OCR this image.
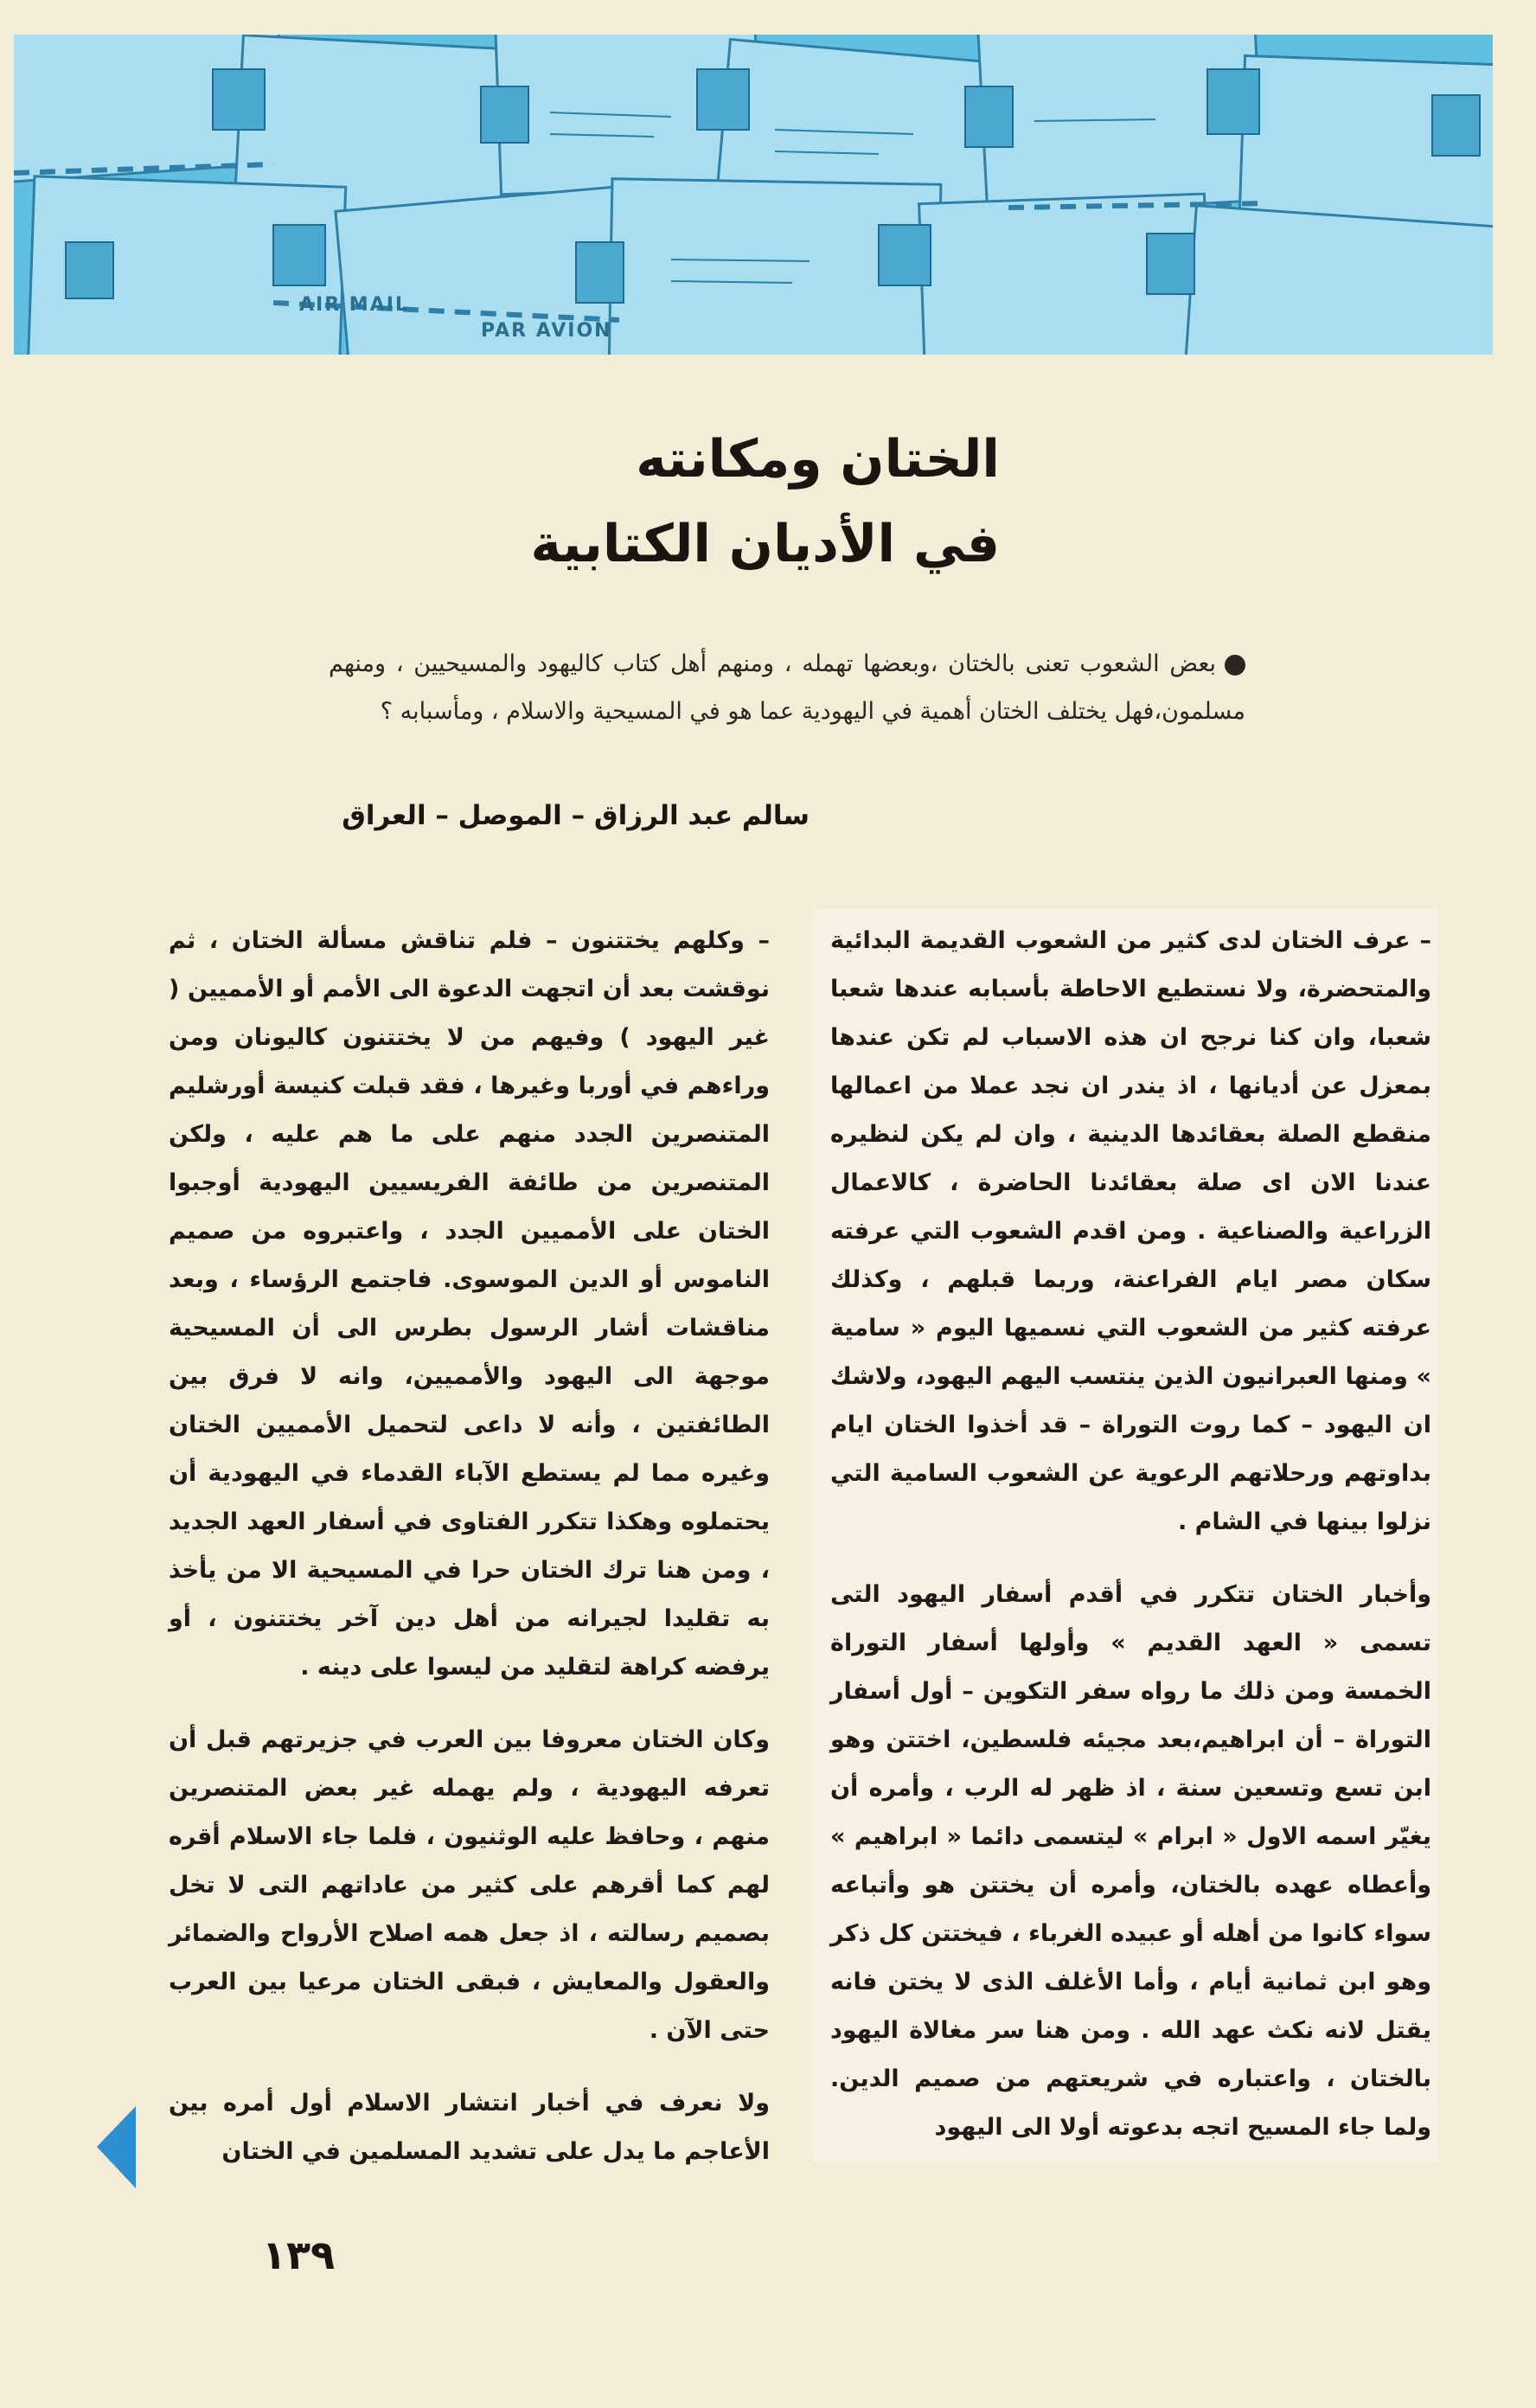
AIR MAIL
PAR AVION
الختان ومكانته
في الأديان الكتابية
بعض الشعوب تعنى بالختان ،وبعضها تهمله ، ومنهم أهل كتاب كاليهود والمسيحيين ، ومنهم مسلمون،فهل يختلف الختان أهمية في اليهودية عما هو في المسيحية والاسلام ، ومأسبابه ؟
سالم عبد الرزاق – الموصل – العراق

– عرف الختان لدى كثير من الشعوب القديمة البدائية والمتحضرة، ولا نستطيع الاحاطة بأسبابه عندها شعبا شعبا، وان كنا نرجح ان هذه الاسباب لم تكن عندها بمعزل عن أديانها ، اذ يندر ان نجد عملا من اعمالها منقطع الصلة بعقائدها الدينية ، وان لم يكن لنظيره عندنا الان اى صلة بعقائدنا الحاضرة ، كالاعمال الزراعية والصناعية . ومن اقدم الشعوب التي عرفته سكان مصر ايام الفراعنة، وربما قبلهم ، وكذلك عرفته كثير من الشعوب التي نسميها اليوم « سامية » ومنها العبرانيون الذين ينتسب اليهم اليهود، ولاشك ان اليهود – كما روت التوراة – قد أخذوا الختان ايام بداوتهم ورحلاتهم الرعوية عن الشعوب السامية التي نزلوا بينها في الشام .

وأخبار الختان تتكرر في أقدم أسفار اليهود التى تسمى « العهد القديم » وأولها أسفار التوراة الخمسة ومن ذلك ما رواه سفر التكوين – أول أسفار التوراة – أن ابراهيم،بعد مجيئه فلسطين، اختتن وهو ابن تسع وتسعين سنة ، اذ ظهر له الرب ، وأمره أن يغيّر اسمه الاول « ابرام » ليتسمى دائما « ابراهيم » وأعطاه عهده بالختان، وأمره أن يختتن هو وأتباعه سواء كانوا من أهله أو عبيده الغرباء ، فيختتن كل ذكر وهو ابن ثمانية أيام ، وأما الأغلف الذى لا يختن فانه يقتل لانه نكث عهد الله . ومن هنا سر مغالاة اليهود بالختان ، واعتباره في شريعتهم من صميم الدين. ولما جاء المسيح اتجه بدعوته أولا الى اليهود

– وكلهم يختتنون – فلم تناقش مسألة الختان ، ثم نوقشت بعد أن اتجهت الدعوة الى الأمم أو الأمميين ( غير اليهود ) وفيهم من لا يختتنون كاليونان ومن وراءهم في أوربا وغيرها ، فقد قبلت كنيسة أورشليم المتنصرين الجدد منهم على ما هم عليه ، ولكن المتنصرين من طائفة الفريسيين اليهودية أوجبوا الختان على الأمميين الجدد ، واعتبروه من صميم الناموس أو الدين الموسوى. فاجتمع الرؤساء ، وبعد مناقشات أشار الرسول بطرس الى أن المسيحية موجهة الى اليهود والأمميين، وانه لا فرق بين الطائفتين ، وأنه لا داعى لتحميل الأمميين الختان وغيره مما لم يستطع الآباء القدماء في اليهودية أن يحتملوه وهكذا تتكرر الفتاوى في أسفار العهد الجديد ، ومن هنا ترك الختان حرا في المسيحية الا من يأخذ به تقليدا لجيرانه من أهل دين آخر يختتنون ، أو يرفضه كراهة لتقليد من ليسوا على دينه .

وكان الختان معروفا بين العرب في جزيرتهم قبل أن تعرفه اليهودية ، ولم يهمله غير بعض المتنصرين منهم ، وحافظ عليه الوثنيون ، فلما جاء الاسلام أقره لهم كما أقرهم على كثير من عاداتهم التى لا تخل بصميم رسالته ، اذ جعل همه اصلاح الأرواح والضمائر والعقول والمعايش ، فبقى الختان مرعيا بين العرب حتى الآن .

ولا نعرف في أخبار انتشار الاسلام أول أمره بين الأعاجم ما يدل على تشديد المسلمين في الختان

١٣٩
